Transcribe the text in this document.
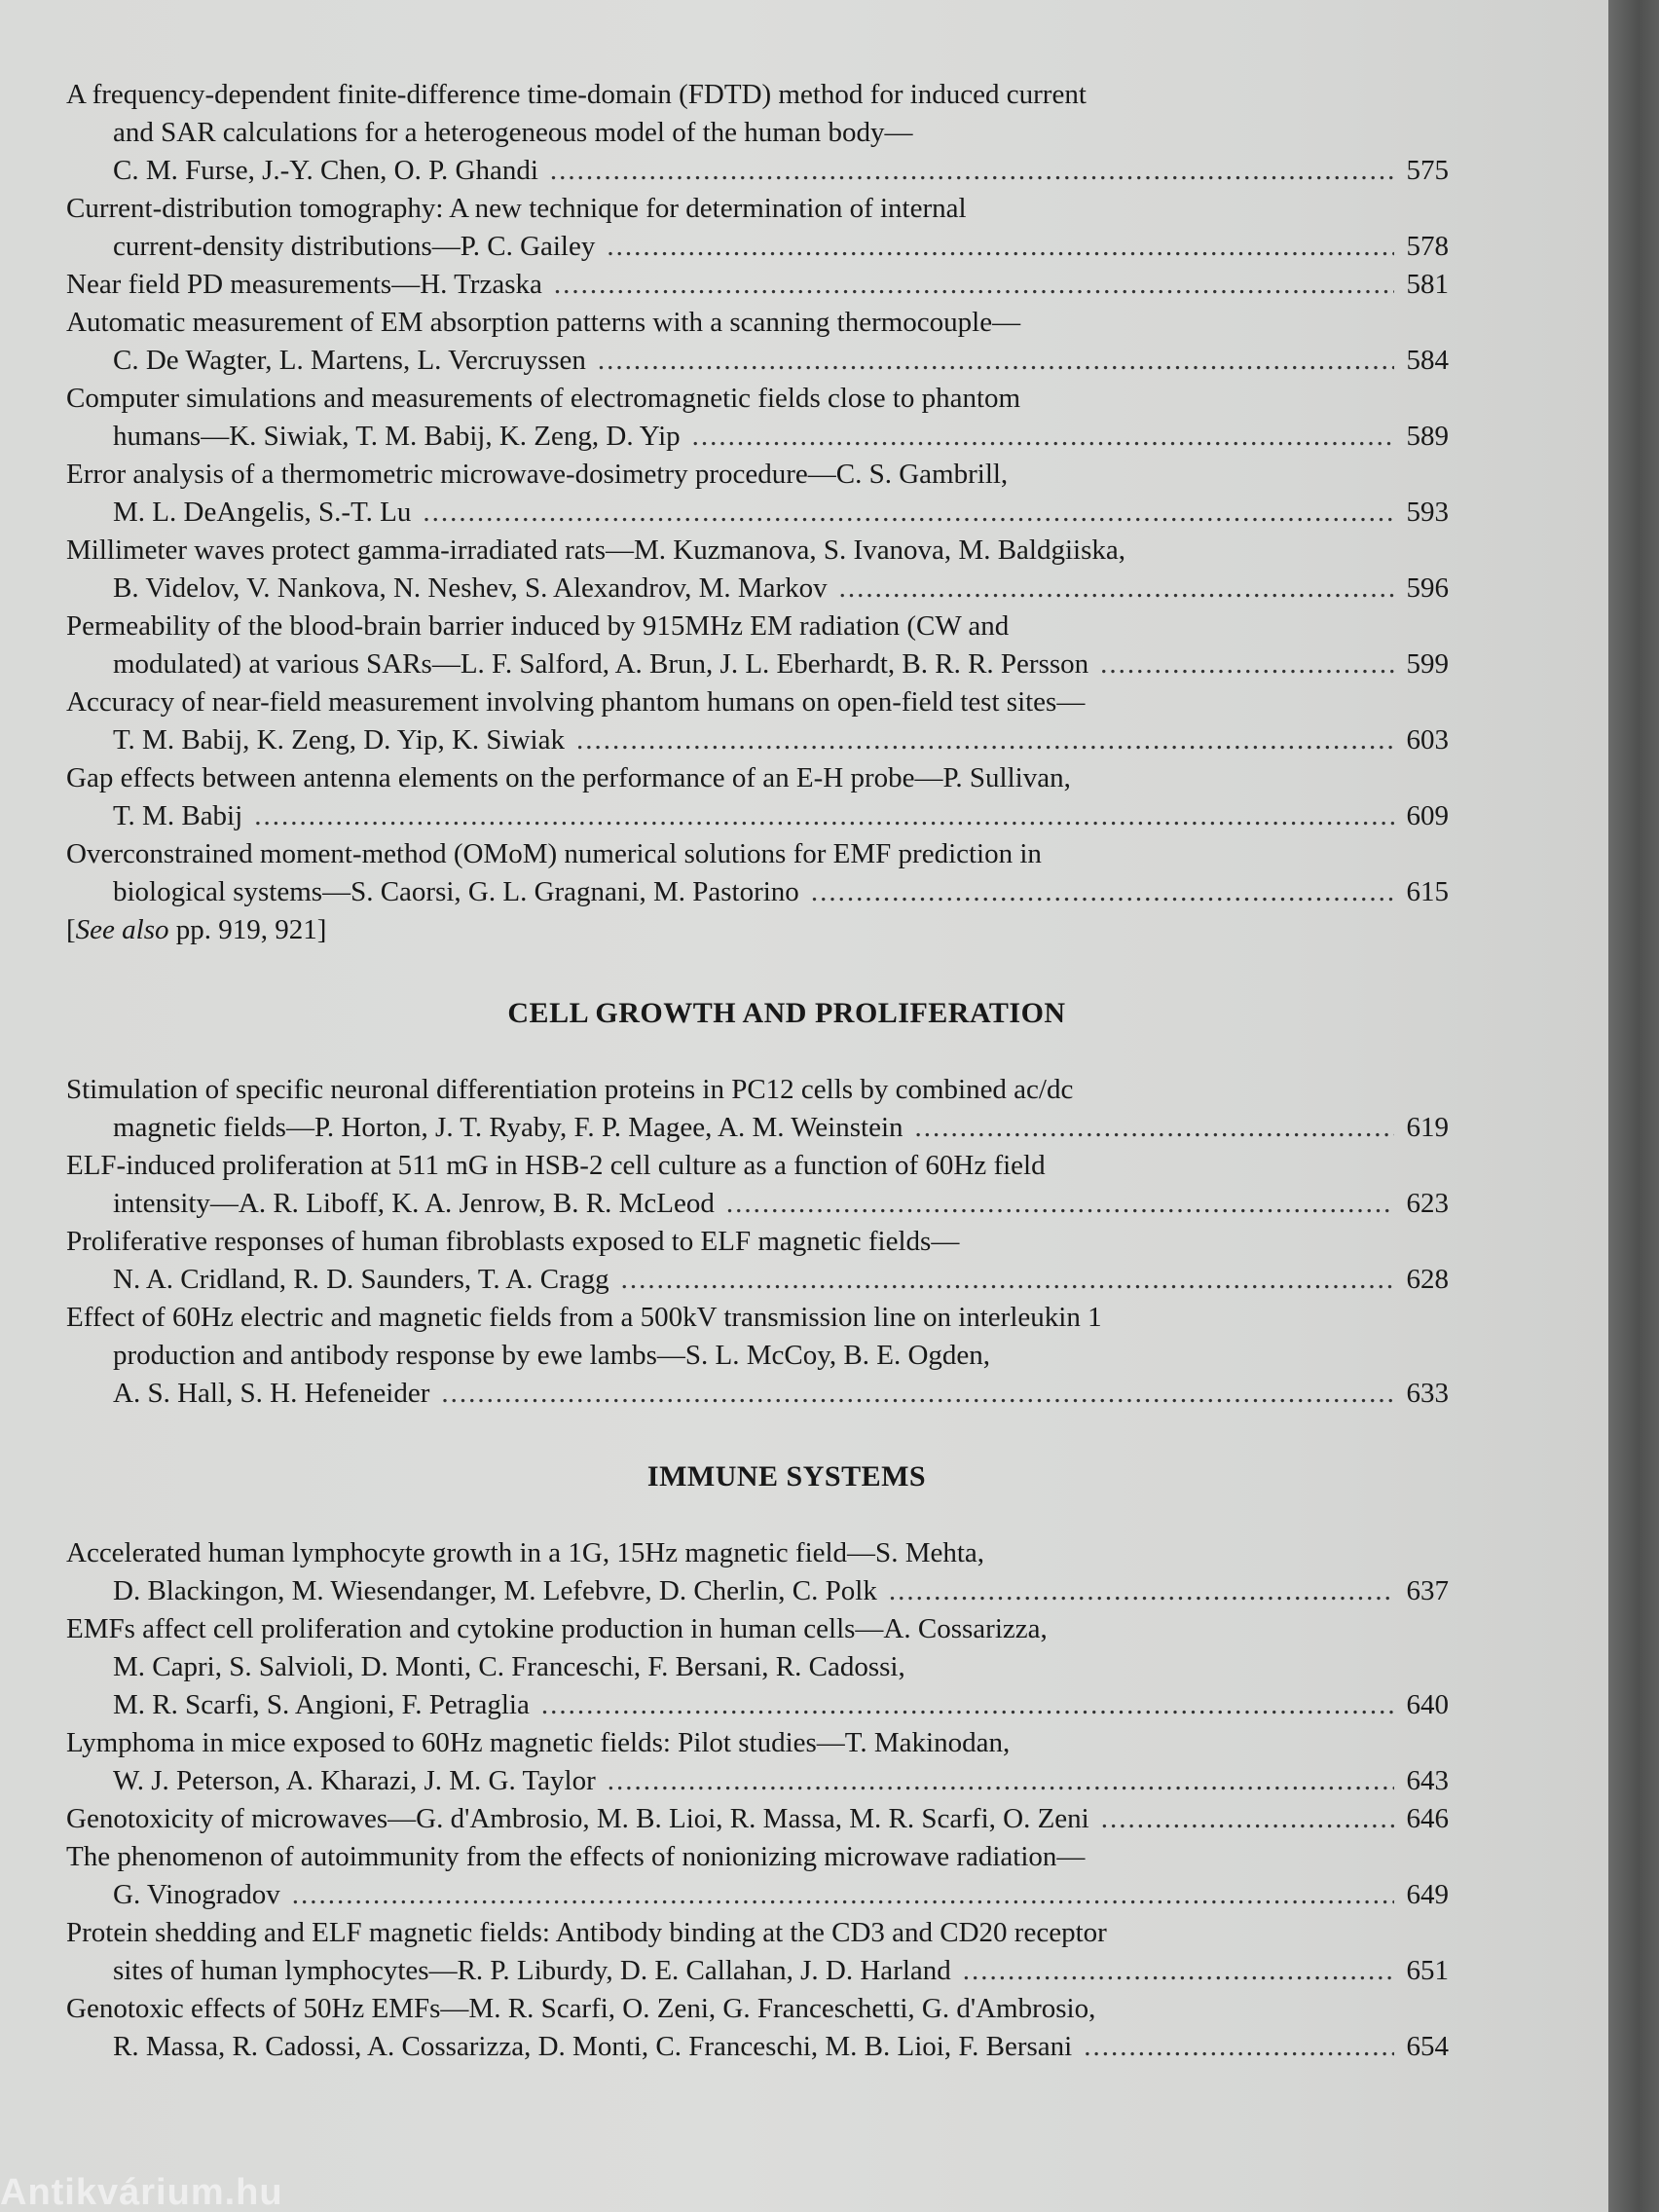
A frequency-dependent finite-difference time-domain (FDTD) method for induced current
and SAR calculations for a heterogeneous model of the human body—
C. M. Furse, J.-Y. Chen, O. P. Ghandi .....	575
Current-distribution tomography: A new technique for determination of internal
current-density distributions—P. C. Gailey .....	578
Near field PD measurements—H. Trzaska .....	581
Automatic measurement of EM absorption patterns with a scanning thermocouple—
C. De Wagter, L. Martens, L. Vercruyssen .....	584
Computer simulations and measurements of electromagnetic fields close to phantom
humans—K. Siwiak, T. M. Babij, K. Zeng, D. Yip .....	589
Error analysis of a thermometric microwave-dosimetry procedure—C. S. Gambrill,
M. L. DeAngelis, S.-T. Lu .....	593
Millimeter waves protect gamma-irradiated rats—M. Kuzmanova, S. Ivanova, M. Baldgiiska,
B. Videlov, V. Nankova, N. Neshev, S. Alexandrov, M. Markov .....	596
Permeability of the blood-brain barrier induced by 915MHz EM radiation (CW and
modulated) at various SARs—L. F. Salford, A. Brun, J. L. Eberhardt, B. R. R. Persson .....	599
Accuracy of near-field measurement involving phantom humans on open-field test sites—
T. M. Babij, K. Zeng, D. Yip, K. Siwiak .....	603
Gap effects between antenna elements on the performance of an E-H probe—P. Sullivan,
T. M. Babij .....	609
Overconstrained moment-method (OMoM) numerical solutions for EMF prediction in
biological systems—S. Caorsi, G. L. Gragnani, M. Pastorino .....	615
[See also pp. 919, 921]
CELL GROWTH AND PROLIFERATION
Stimulation of specific neuronal differentiation proteins in PC12 cells by combined ac/dc
magnetic fields—P. Horton, J. T. Ryaby, F. P. Magee, A. M. Weinstein .....	619
ELF-induced proliferation at 511 mG in HSB-2 cell culture as a function of 60Hz field
intensity—A. R. Liboff, K. A. Jenrow, B. R. McLeod .....	623
Proliferative responses of human fibroblasts exposed to ELF magnetic fields—
N. A. Cridland, R. D. Saunders, T. A. Cragg .....	628
Effect of 60Hz electric and magnetic fields from a 500kV transmission line on interleukin 1
production and antibody response by ewe lambs—S. L. McCoy, B. E. Ogden,
A. S. Hall, S. H. Hefeneider .....	633
IMMUNE SYSTEMS
Accelerated human lymphocyte growth in a 1G, 15Hz magnetic field—S. Mehta,
D. Blackingon, M. Wiesendanger, M. Lefebvre, D. Cherlin, C. Polk .....	637
EMFs affect cell proliferation and cytokine production in human cells—A. Cossarizza,
M. Capri, S. Salvioli, D. Monti, C. Franceschi, F. Bersani, R. Cadossi,
M. R. Scarfi, S. Angioni, F. Petraglia .....	640
Lymphoma in mice exposed to 60Hz magnetic fields: Pilot studies—T. Makinodan,
W. J. Peterson, A. Kharazi, J. M. G. Taylor .....	643
Genotoxicity of microwaves—G. d'Ambrosio, M. B. Lioi, R. Massa, M. R. Scarfi, O. Zeni .....	646
The phenomenon of autoimmunity from the effects of nonionizing microwave radiation—
G. Vinogradov .....	649
Protein shedding and ELF magnetic fields: Antibody binding at the CD3 and CD20 receptor
sites of human lymphocytes—R. P. Liburdy, D. E. Callahan, J. D. Harland .....	651
Genotoxic effects of 50Hz EMFs—M. R. Scarfi, O. Zeni, G. Franceschetti, G. d'Ambrosio,
R. Massa, R. Cadossi, A. Cossarizza, D. Monti, C. Franceschi, M. B. Lioi, F. Bersani .....	654
Antikvárium.hu
